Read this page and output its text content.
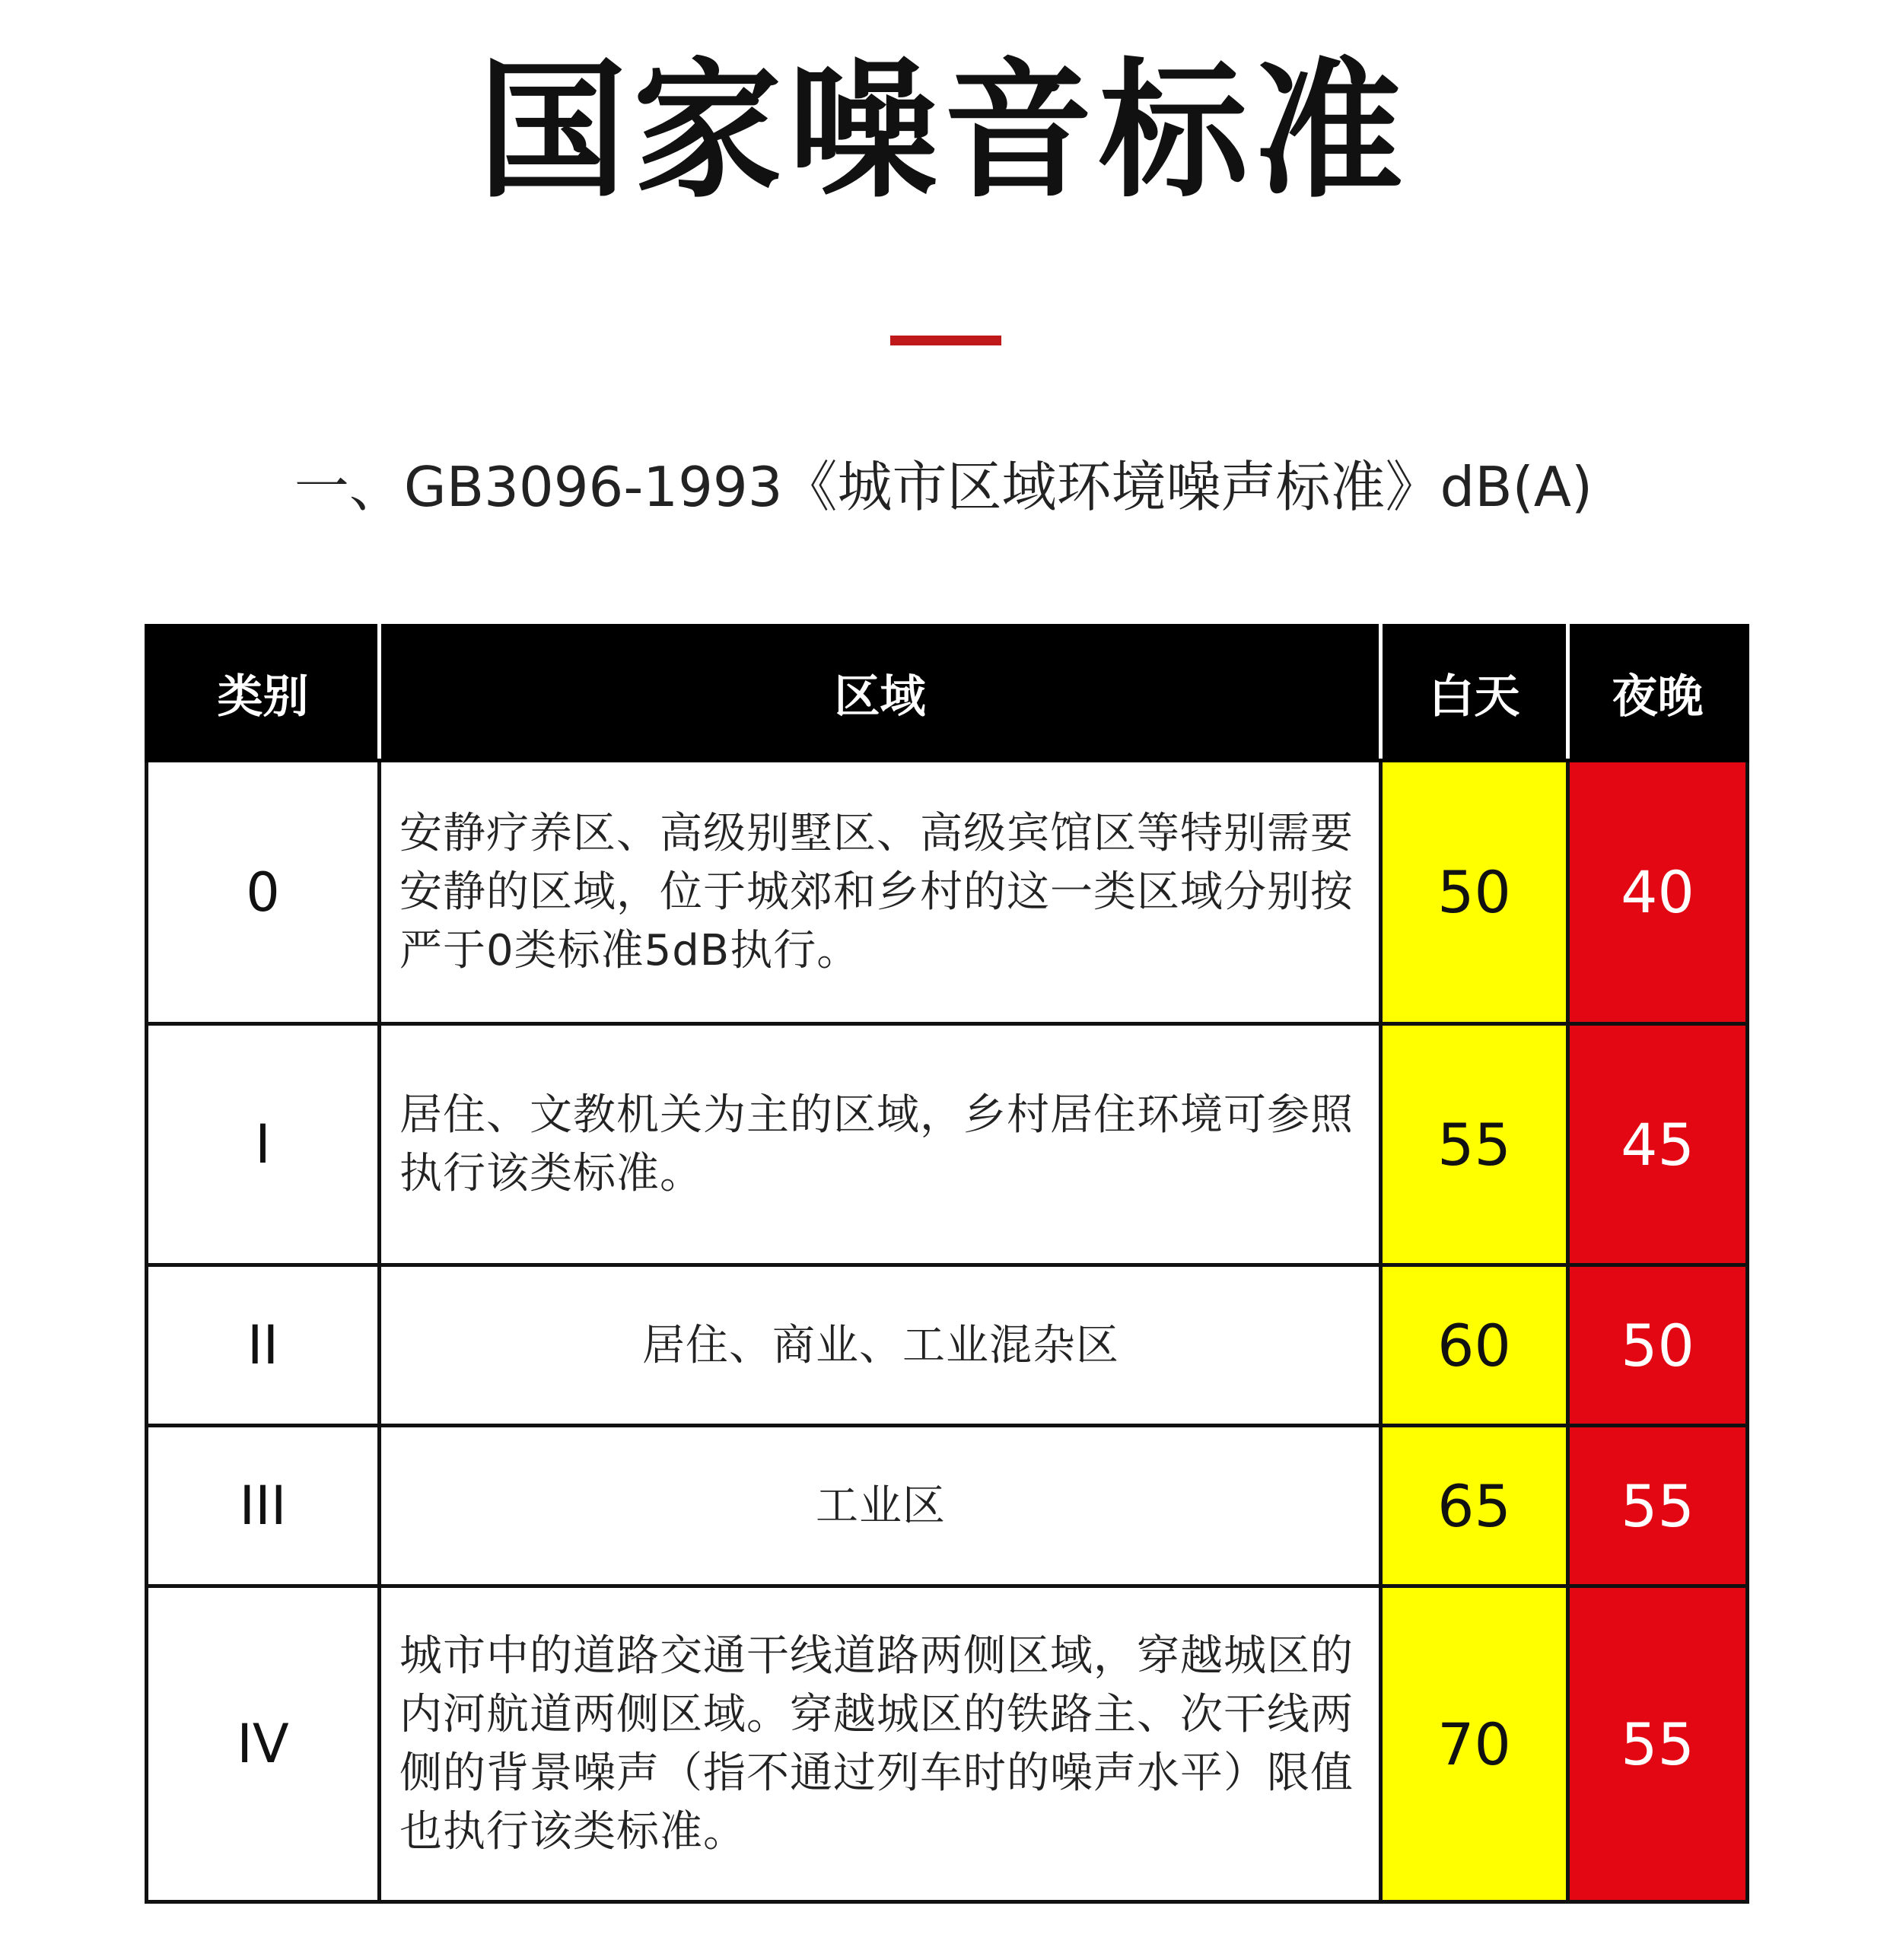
国家噪音标准
一、GB3096-1993《城市区域环境噪声标准》dB(A)
类别	区域	白天	夜晚
0	安静疗养区、高级别墅区、高级宾馆区等特别需要安静的区域，位于城郊和乡村的这一类区域分别按严于0类标准5dB执行。	50	40
I	居住、文教机关为主的区域，乡村居住环境可参照执行该类标准。	55	45
II	居住、商业、工业混杂区	60	50
III	工业区	65	55
IV	城市中的道路交通干线道路两侧区域，穿越城区的内河航道两侧区域。穿越城区的铁路主、次干线两侧的背景噪声（指不通过列车时的噪声水平）限值也执行该类标准。	70	55
